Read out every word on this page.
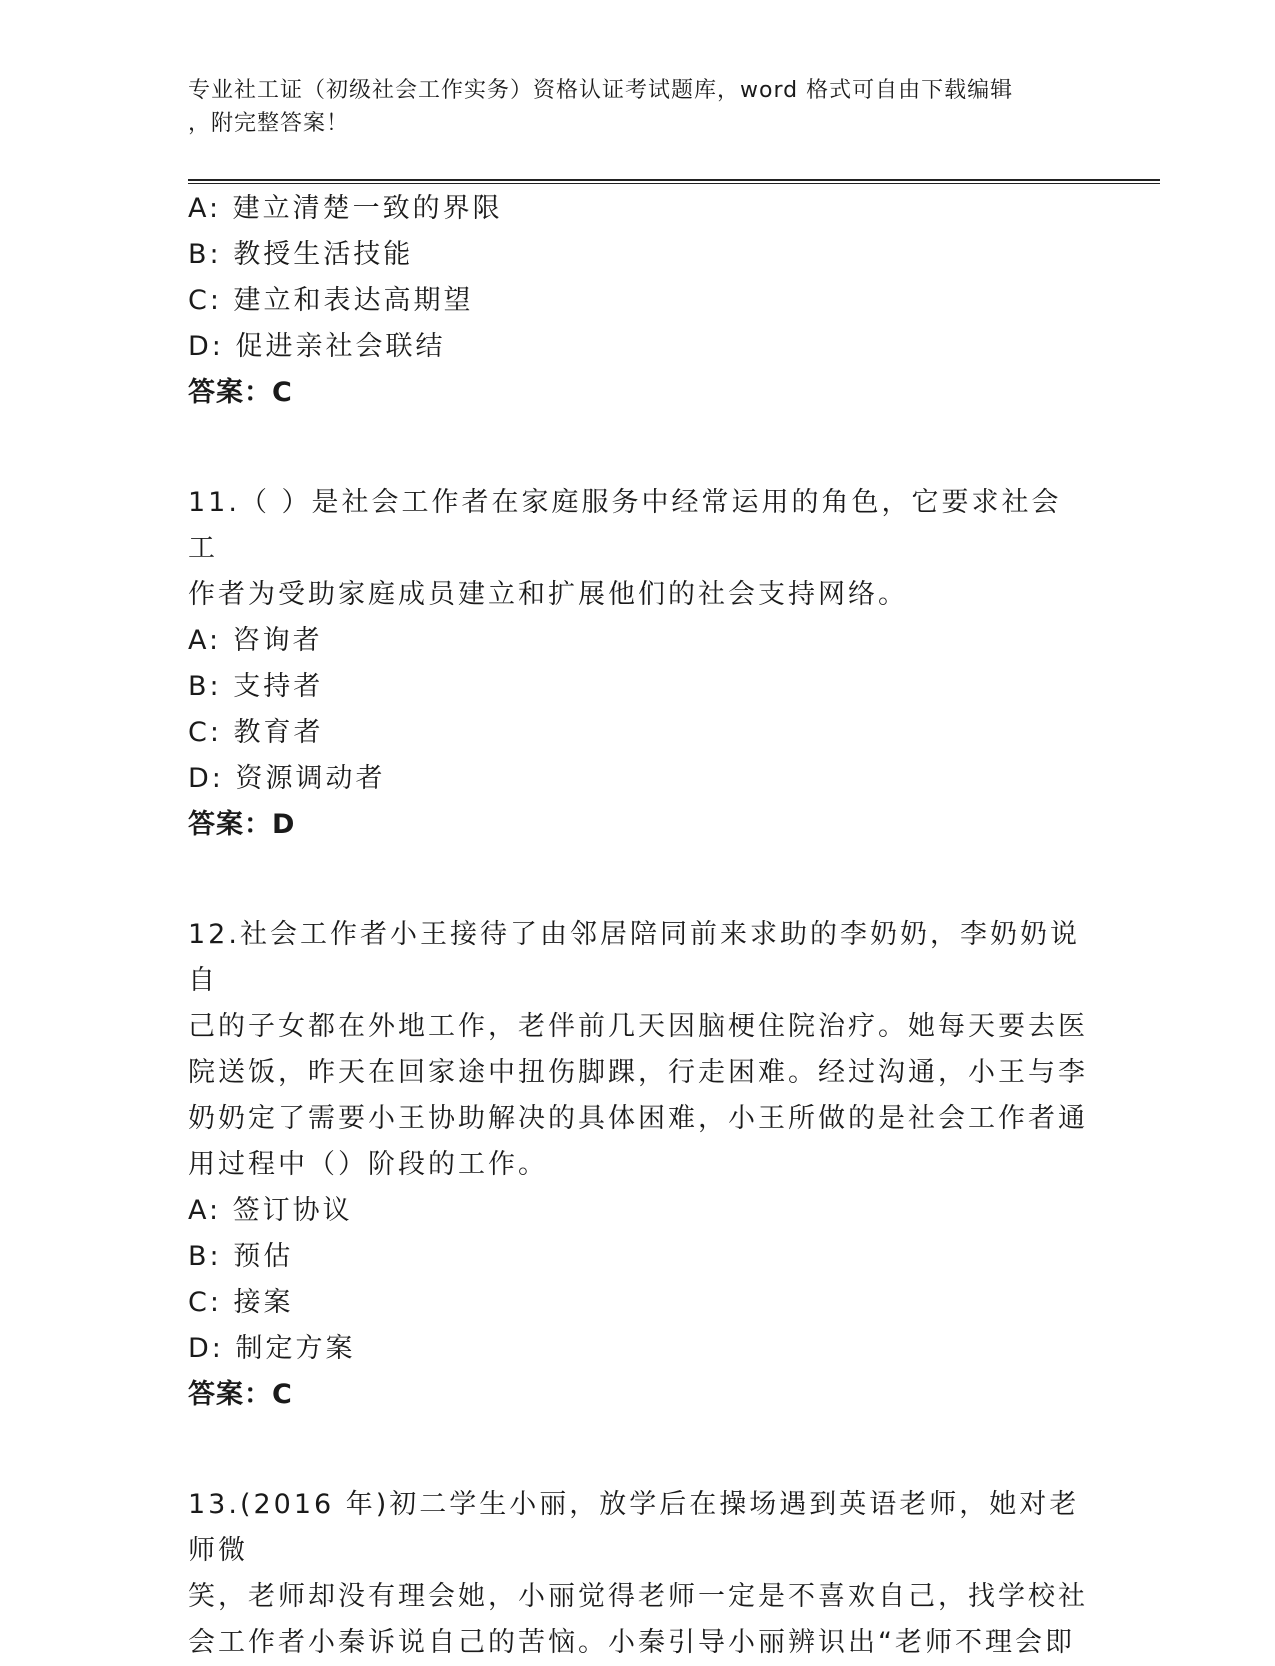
专业社工证（初级社会工作实务）资格认证考试题库，word 格式可自由下载编辑
，附完整答案！
A: 建立清楚一致的界限
B: 教授生活技能
C: 建立和表达高期望
D: 促进亲社会联结
答案：C
11.（ ）是社会工作者在家庭服务中经常运用的角色，它要求社会工
作者为受助家庭成员建立和扩展他们的社会支持网络。
A: 咨询者
B: 支持者
C: 教育者
D: 资源调动者
答案：D
12.社会工作者小王接待了由邻居陪同前来求助的李奶奶，李奶奶说自
己的子女都在外地工作，老伴前几天因脑梗住院治疗。她每天要去医
院送饭，昨天在回家途中扭伤脚踝，行走困难。经过沟通，小王与李
奶奶定了需要小王协助解决的具体困难，小王所做的是社会工作者通
用过程中（）阶段的工作。
A: 签订协议
B: 预估
C: 接案
D: 制定方案
答案：C
13.(2016 年)初二学生小丽，放学后在操场遇到英语老师，她对老师微
笑，老师却没有理会她，小丽觉得老师一定是不喜欢自己，找学校社
会工作者小秦诉说自己的苦恼。小秦引导小丽辨识出“老师不理会即
